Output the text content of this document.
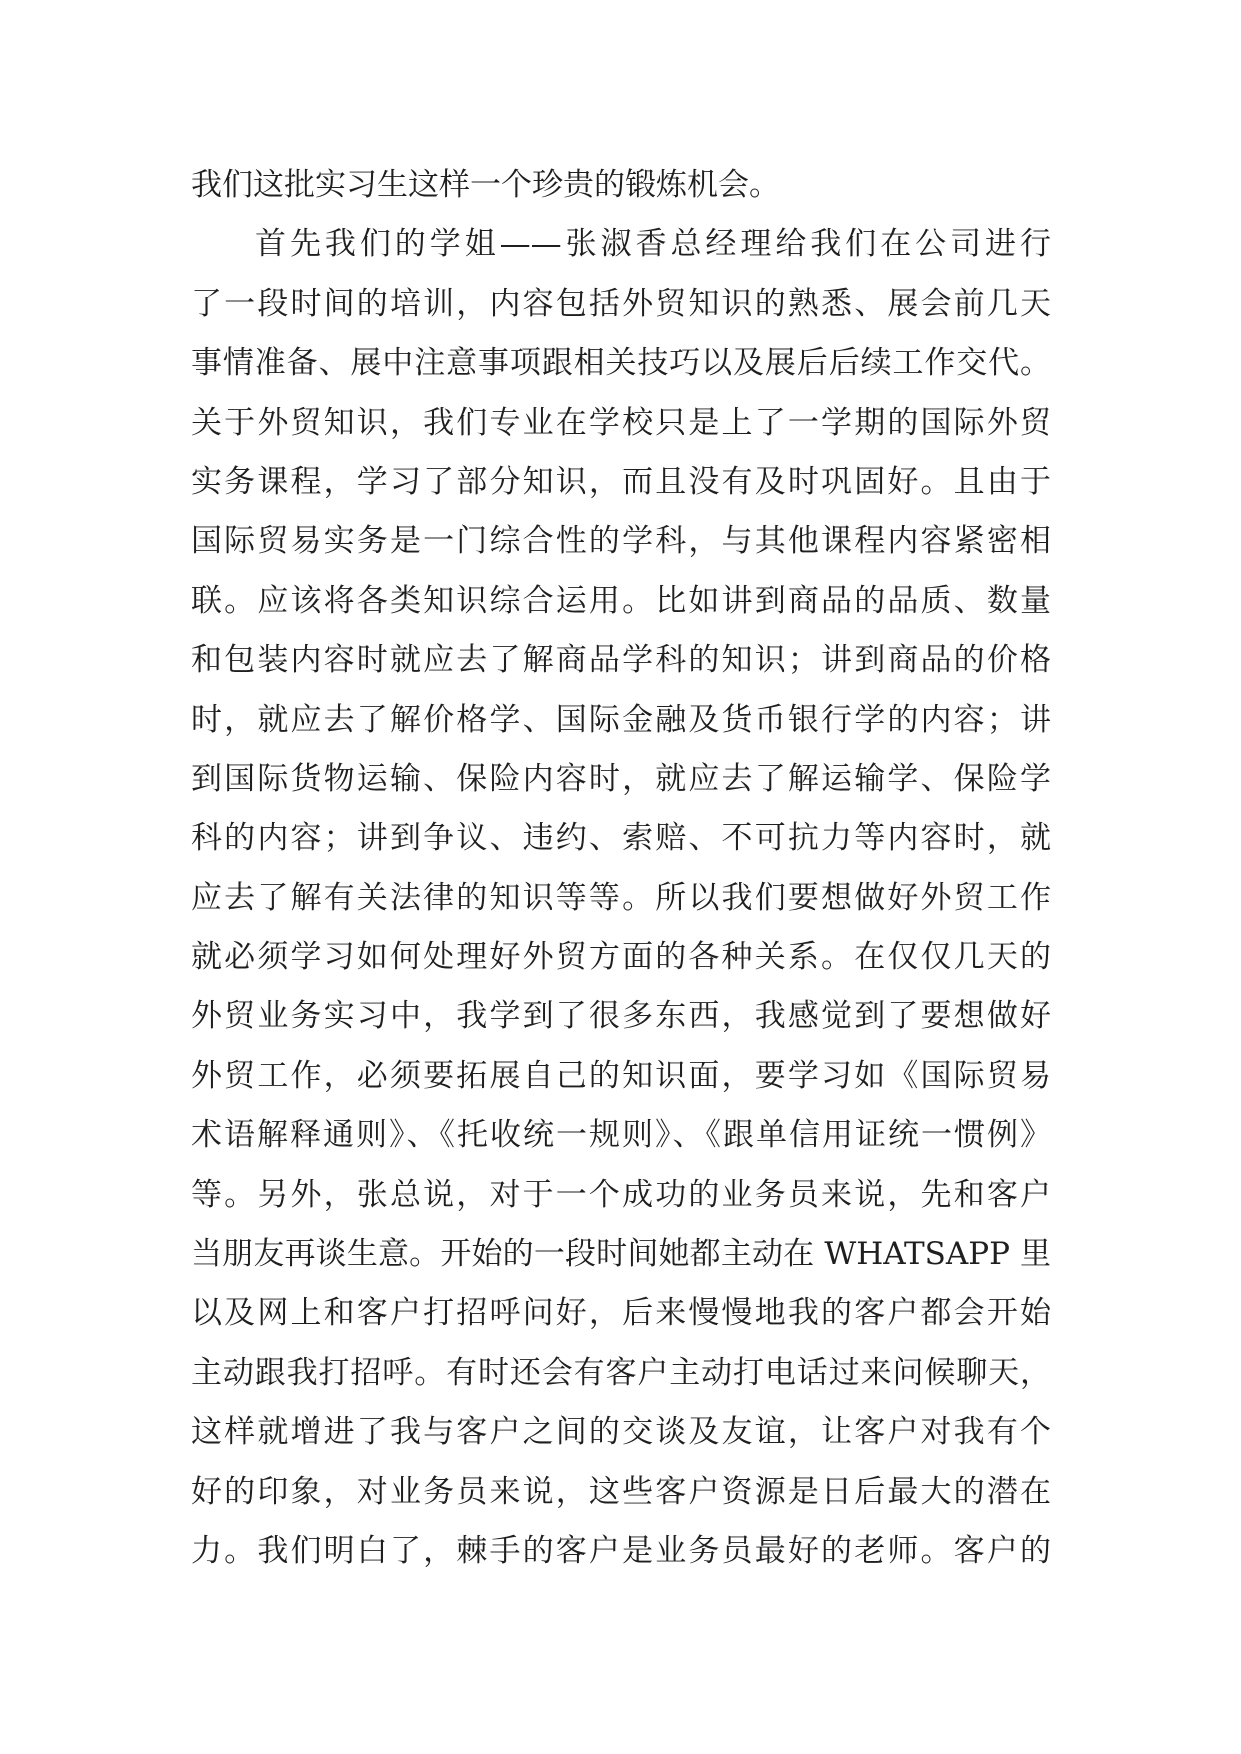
我们这批实习生这样一个珍贵的锻炼机会。
首先我们的学姐——张淑香总经理给我们在公司进行
了一段时间的培训，内容包括外贸知识的熟悉、展会前几天
事情准备、展中注意事项跟相关技巧以及展后后续工作交代。
关于外贸知识，我们专业在学校只是上了一学期的国际外贸
实务课程，学习了部分知识，而且没有及时巩固好。且由于
国际贸易实务是一门综合性的学科，与其他课程内容紧密相
联。应该将各类知识综合运用。比如讲到商品的品质、数量
和包装内容时就应去了解商品学科的知识；讲到商品的价格
时，就应去了解价格学、国际金融及货币银行学的内容；讲
到国际货物运输、保险内容时，就应去了解运输学、保险学
科的内容；讲到争议、违约、索赔、不可抗力等内容时，就
应去了解有关法律的知识等等。所以我们要想做好外贸工作
就必须学习如何处理好外贸方面的各种关系。在仅仅几天的
外贸业务实习中，我学到了很多东西，我感觉到了要想做好
外贸工作，必须要拓展自己的知识面，要学习如《国际贸易
术语解释通则》、《托收统一规则》、《跟单信用证统一惯例》
等。另外，张总说，对于一个成功的业务员来说，先和客户
当朋友再谈生意。开始的一段时间她都主动在 WHATSAPP 里
以及网上和客户打招呼问好，后来慢慢地我的客户都会开始
主动跟我打招呼。有时还会有客户主动打电话过来问候聊天，
这样就增进了我与客户之间的交谈及友谊，让客户对我有个
好的印象，对业务员来说，这些客户资源是日后最大的潜在
力。我们明白了，棘手的客户是业务员最好的老师。客户的
